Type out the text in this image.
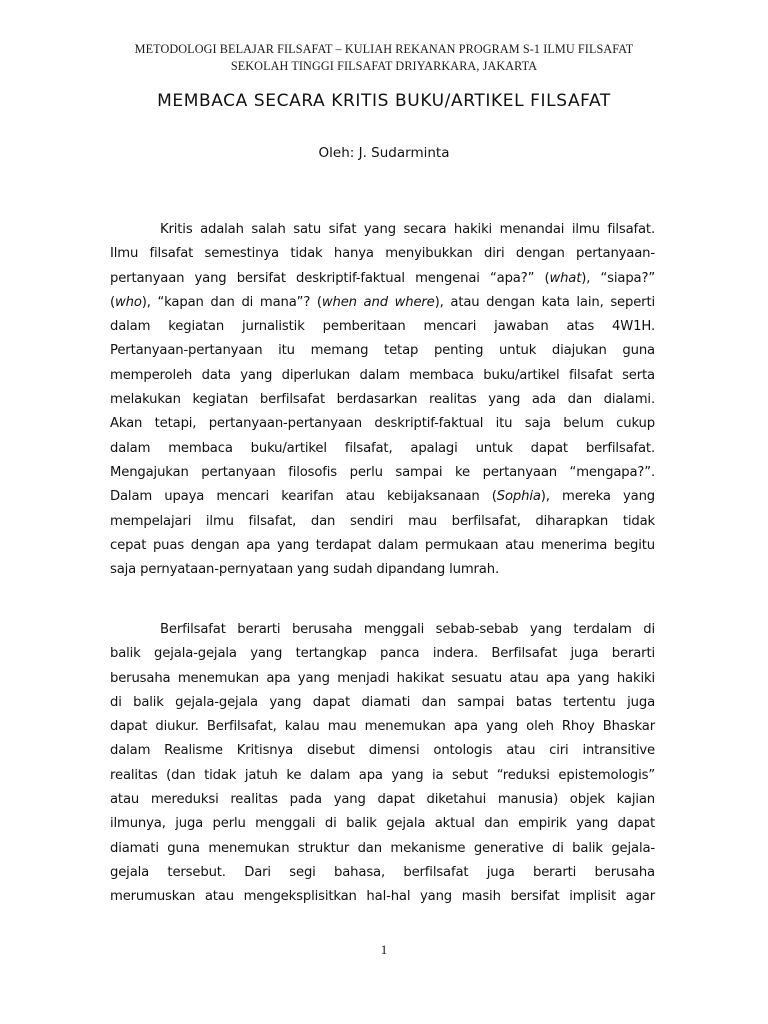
METODOLOGI BELAJAR FILSAFAT – KULIAH REKANAN PROGRAM S-1 ILMU FILSAFAT
SEKOLAH TINGGI FILSAFAT DRIYARKARA, JAKARTA
MEMBACA SECARA KRITIS BUKU/ARTIKEL FILSAFAT
Oleh: J. Sudarminta
Kritis adalah salah satu sifat yang secara hakiki menandai ilmu filsafat.
Ilmu filsafat semestinya tidak hanya menyibukkan diri dengan pertanyaan-
pertanyaan yang bersifat deskriptif-faktual mengenai “apa?” (what), “siapa?”
(who), “kapan dan di mana”? (when and where), atau dengan kata lain, seperti
dalam kegiatan jurnalistik pemberitaan mencari jawaban atas 4W1H.
Pertanyaan-pertanyaan itu memang tetap penting untuk diajukan guna
memperoleh data yang diperlukan dalam membaca buku/artikel filsafat serta
melakukan kegiatan berfilsafat berdasarkan realitas yang ada dan dialami.
Akan tetapi, pertanyaan-pertanyaan deskriptif-faktual itu saja belum cukup
dalam membaca buku/artikel filsafat, apalagi untuk dapat berfilsafat.
Mengajukan pertanyaan filosofis perlu sampai ke pertanyaan “mengapa?”.
Dalam upaya mencari kearifan atau kebijaksanaan (Sophia), mereka yang
mempelajari ilmu filsafat, dan sendiri mau berfilsafat, diharapkan tidak
cepat puas dengan apa yang terdapat dalam permukaan atau menerima begitu
saja pernyataan-pernyataan yang sudah dipandang lumrah.
Berfilsafat berarti berusaha menggali sebab-sebab yang terdalam di
balik gejala-gejala yang tertangkap panca indera. Berfilsafat juga berarti
berusaha menemukan apa yang menjadi hakikat sesuatu atau apa yang hakiki
di balik gejala-gejala yang dapat diamati dan sampai batas tertentu juga
dapat diukur. Berfilsafat, kalau mau menemukan apa yang oleh Rhoy Bhaskar
dalam Realisme Kritisnya disebut dimensi ontologis atau ciri intransitive
realitas (dan tidak jatuh ke dalam apa yang ia sebut “reduksi epistemologis”
atau mereduksi realitas pada yang dapat diketahui manusia) objek kajian
ilmunya, juga perlu menggali di balik gejala aktual dan empirik yang dapat
diamati guna menemukan struktur dan mekanisme generative di balik gejala-
gejala tersebut. Dari segi bahasa, berfilsafat juga berarti berusaha
merumuskan atau mengeksplisitkan hal-hal yang masih bersifat implisit agar
1
